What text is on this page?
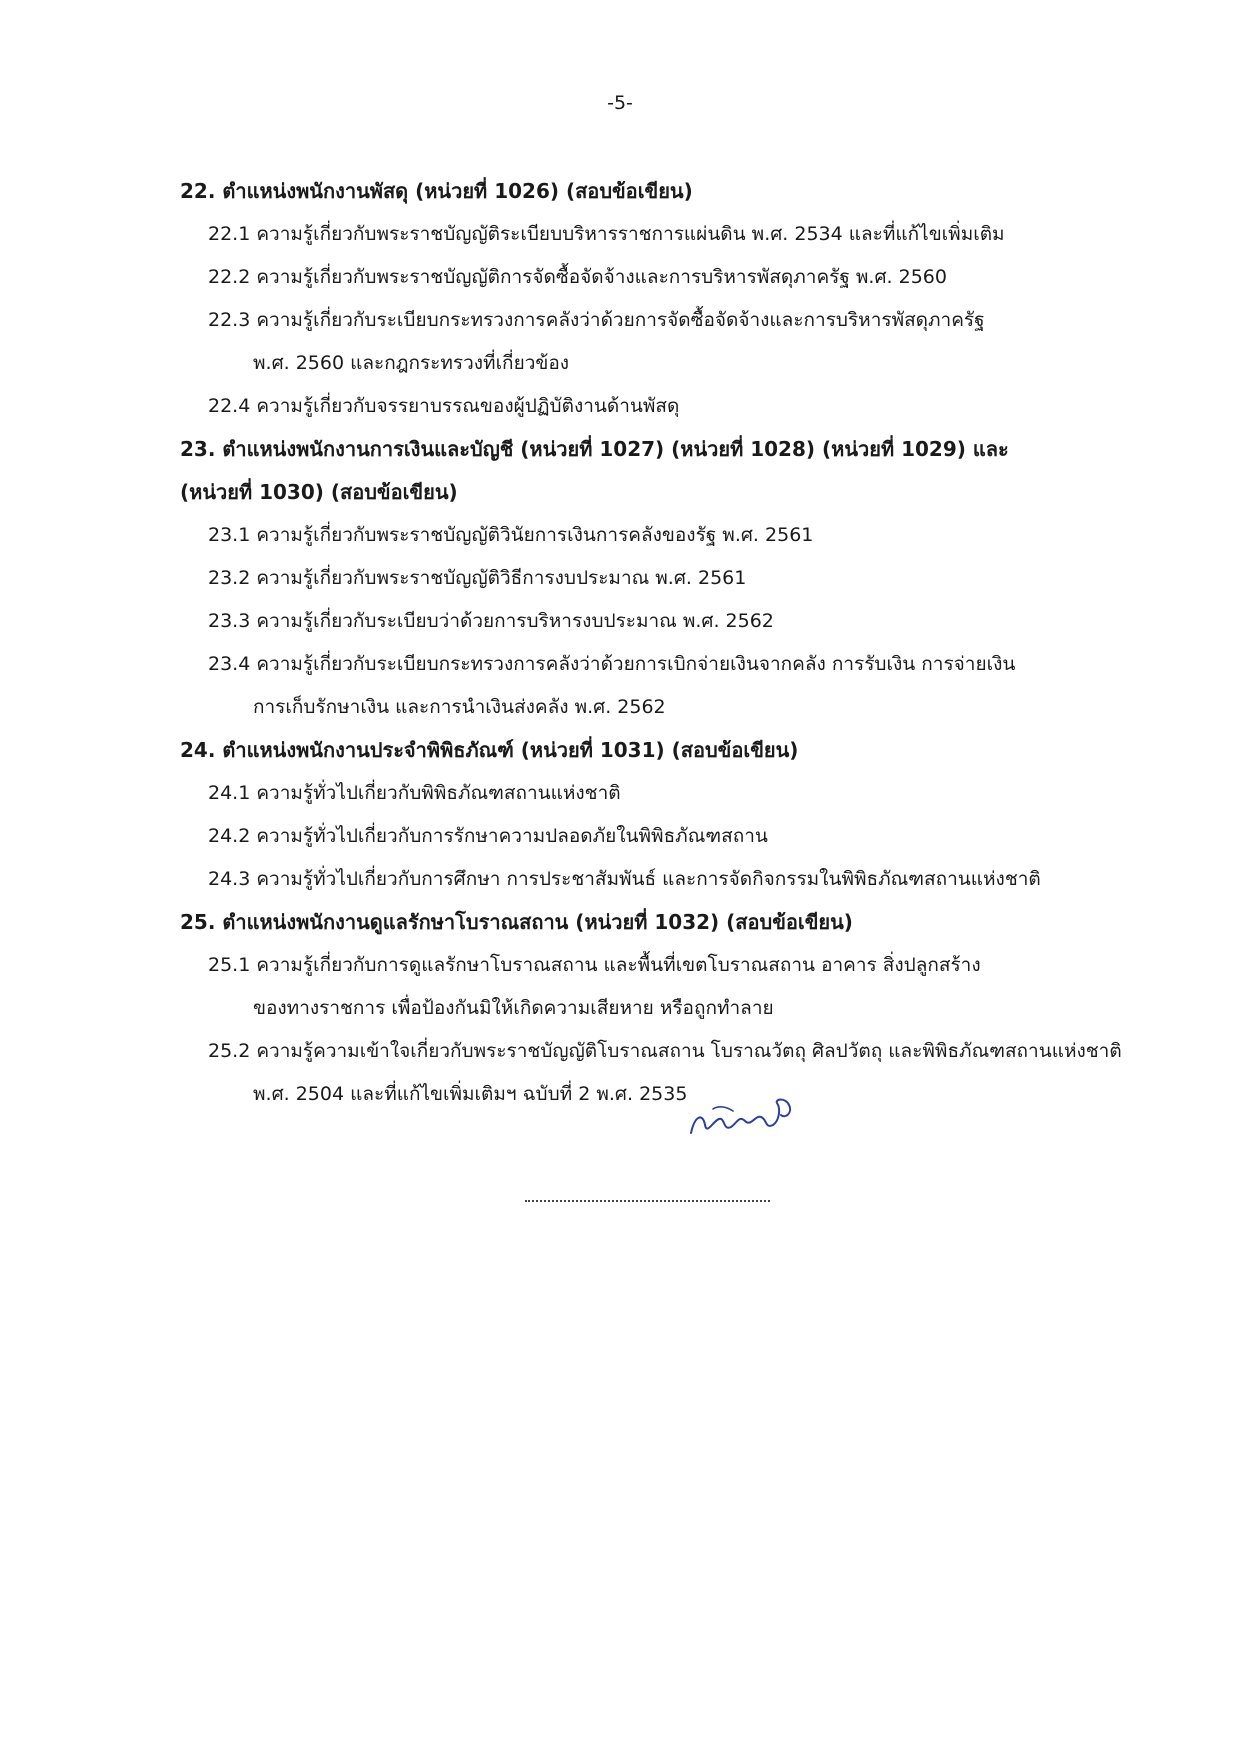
-5-

22. ตำแหน่งพนักงานพัสดุ (หน่วยที่ 1026) (สอบข้อเขียน)

22.1 ความรู้เกี่ยวกับพระราชบัญญัติระเบียบบริหารราชการแผ่นดิน พ.ศ. 2534 และที่แก้ไขเพิ่มเติม

22.2 ความรู้เกี่ยวกับพระราชบัญญัติการจัดซื้อจัดจ้างและการบริหารพัสดุภาครัฐ พ.ศ. 2560

22.3 ความรู้เกี่ยวกับระเบียบกระทรวงการคลังว่าด้วยการจัดซื้อจัดจ้างและการบริหารพัสดุภาครัฐ
พ.ศ. 2560 และกฎกระทรวงที่เกี่ยวข้อง

22.4 ความรู้เกี่ยวกับจรรยาบรรณของผู้ปฏิบัติงานด้านพัสดุ

23. ตำแหน่งพนักงานการเงินและบัญชี (หน่วยที่ 1027) (หน่วยที่ 1028) (หน่วยที่ 1029) และ (หน่วยที่ 1030) (สอบข้อเขียน)

23.1 ความรู้เกี่ยวกับพระราชบัญญัติวินัยการเงินการคลังของรัฐ พ.ศ. 2561

23.2 ความรู้เกี่ยวกับพระราชบัญญัติวิธีการงบประมาณ พ.ศ. 2561

23.3 ความรู้เกี่ยวกับระเบียบว่าด้วยการบริหารงบประมาณ พ.ศ. 2562

23.4 ความรู้เกี่ยวกับระเบียบกระทรวงการคลังว่าด้วยการเบิกจ่ายเงินจากคลัง การรับเงิน การจ่ายเงิน
การเก็บรักษาเงิน และการนำเงินส่งคลัง พ.ศ. 2562

24. ตำแหน่งพนักงานประจำพิพิธภัณฑ์ (หน่วยที่ 1031) (สอบข้อเขียน)

24.1 ความรู้ทั่วไปเกี่ยวกับพิพิธภัณฑสถานแห่งชาติ

24.2 ความรู้ทั่วไปเกี่ยวกับการรักษาความปลอดภัยในพิพิธภัณฑสถาน

24.3 ความรู้ทั่วไปเกี่ยวกับการศึกษา การประชาสัมพันธ์ และการจัดกิจกรรมในพิพิธภัณฑสถานแห่งชาติ

25. ตำแหน่งพนักงานดูแลรักษาโบราณสถาน (หน่วยที่ 1032) (สอบข้อเขียน)

25.1 ความรู้เกี่ยวกับการดูแลรักษาโบราณสถาน และพื้นที่เขตโบราณสถาน อาคาร สิ่งปลูกสร้าง
ของทางราชการ เพื่อป้องกันมิให้เกิดความเสียหาย หรือถูกทำลาย

25.2 ความรู้ความเข้าใจเกี่ยวกับพระราชบัญญัติโบราณสถาน โบราณวัตถุ ศิลปวัตถุ และพิพิธภัณฑสถานแห่งชาติ
พ.ศ. 2504 และที่แก้ไขเพิ่มเติมฯ ฉบับที่ 2 พ.ศ. 2535
